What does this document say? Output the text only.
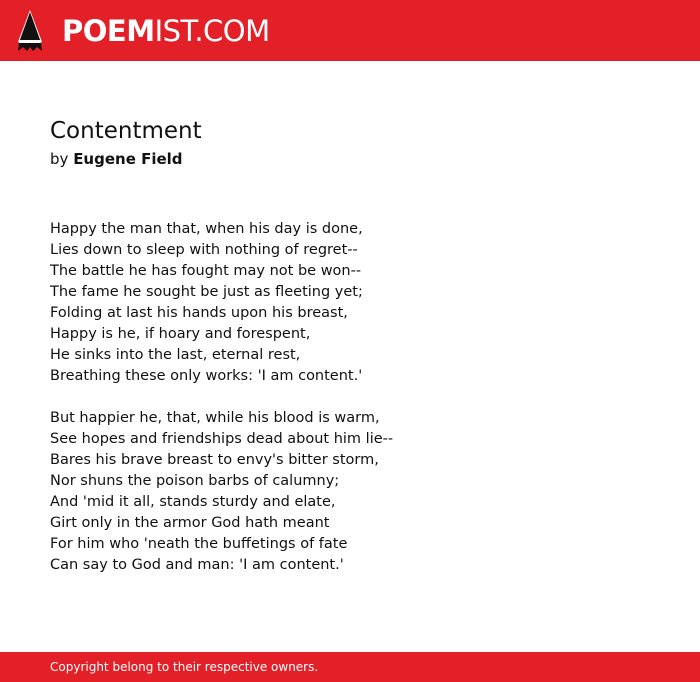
POEMIST.COM
Contentment
by Eugene Field
Happy the man that, when his day is done,
Lies down to sleep with nothing of regret--
The battle he has fought may not be won--
The fame he sought be just as fleeting yet;
Folding at last his hands upon his breast,
Happy is he, if hoary and forespent,
He sinks into the last, eternal rest,
Breathing these only works: 'I am content.'
But happier he, that, while his blood is warm,
See hopes and friendships dead about him lie--
Bares his brave breast to envy's bitter storm,
Nor shuns the poison barbs of calumny;
And 'mid it all, stands sturdy and elate,
Girt only in the armor God hath meant
For him who 'neath the buffetings of fate
Can say to God and man: 'I am content.'
Copyright belong to their respective owners.
